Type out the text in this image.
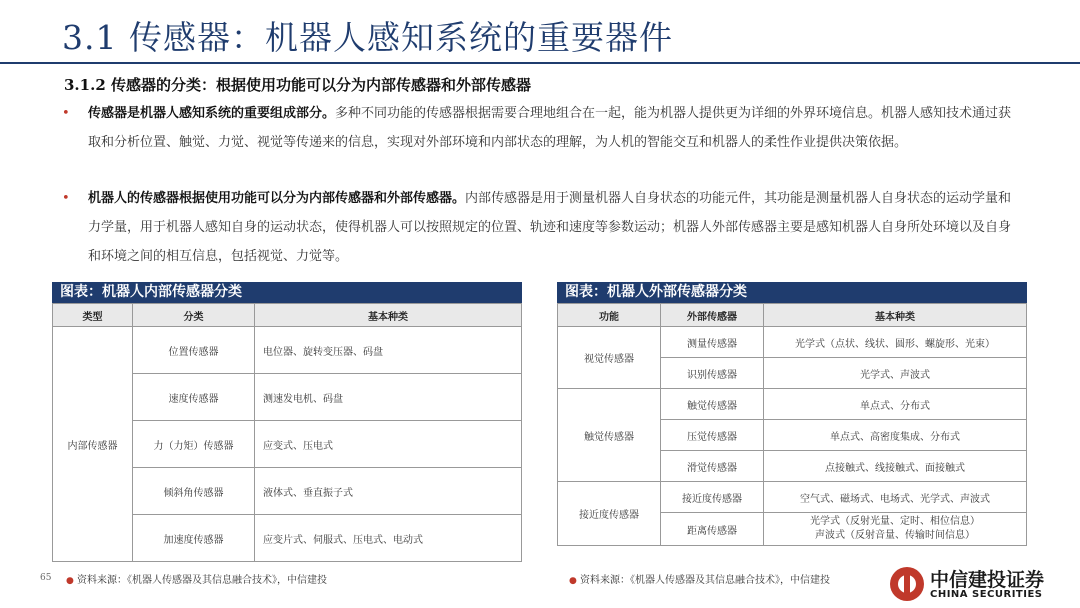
3.1 传感器：机器人感知系统的重要器件
3.1.2 传感器的分类：根据使用功能可以分为内部传感器和外部传感器
•	传感器是机器人感知系统的重要组成部分。多种不同功能的传感器根据需要合理地组合在一起，能为机器人提供更为详细的外界环境信息。机器人感知技术通过获取和分析位置、触觉、力觉、视觉等传递来的信息，实现对外部环境和内部状态的理解，为人机的智能交互和机器人的柔性作业提供决策依据。
•	机器人的传感器根据使用功能可以分为内部传感器和外部传感器。内部传感器是用于测量机器人自身状态的功能元件，其功能是测量机器人自身状态的运动学量和力学量，用于机器人感知自身的运动状态，使得机器人可以按照规定的位置、轨迹和速度等参数运动；机器人外部传感器主要是感知机器人自身所处环境以及自身和环境之间的相互信息，包括视觉、力觉等。
图表：机器人内部传感器分类
类型	分类	基本种类
内部传感器	位置传感器	电位器、旋转变压器、码盘
	速度传感器	测速发电机、码盘
	力（力矩）传感器	应变式、压电式
	倾斜角传感器	液体式、垂直振子式
	加速度传感器	应变片式、伺服式、压电式、电动式
图表：机器人外部传感器分类
功能	外部传感器	基本种类
视觉传感器	测量传感器	光学式（点状、线状、圆形、螺旋形、光束）
	识别传感器	光学式、声波式
触觉传感器	触觉传感器	单点式、分布式
	压觉传感器	单点式、高密度集成、分布式
	滑觉传感器	点接触式、线接触式、面接触式
接近度传感器	接近度传感器	空气式、磁场式、电场式、光学式、声波式
	距离传感器	光学式（反射光量、定时、相位信息）
声波式（反射音量、传输时间信息）
65 ● 资料来源：《机器人传感器及其信息融合技术》，中信建投	● 资料来源：《机器人传感器及其信息融合技术》，中信建投	中信建投证券
CHINA SECURITIES
